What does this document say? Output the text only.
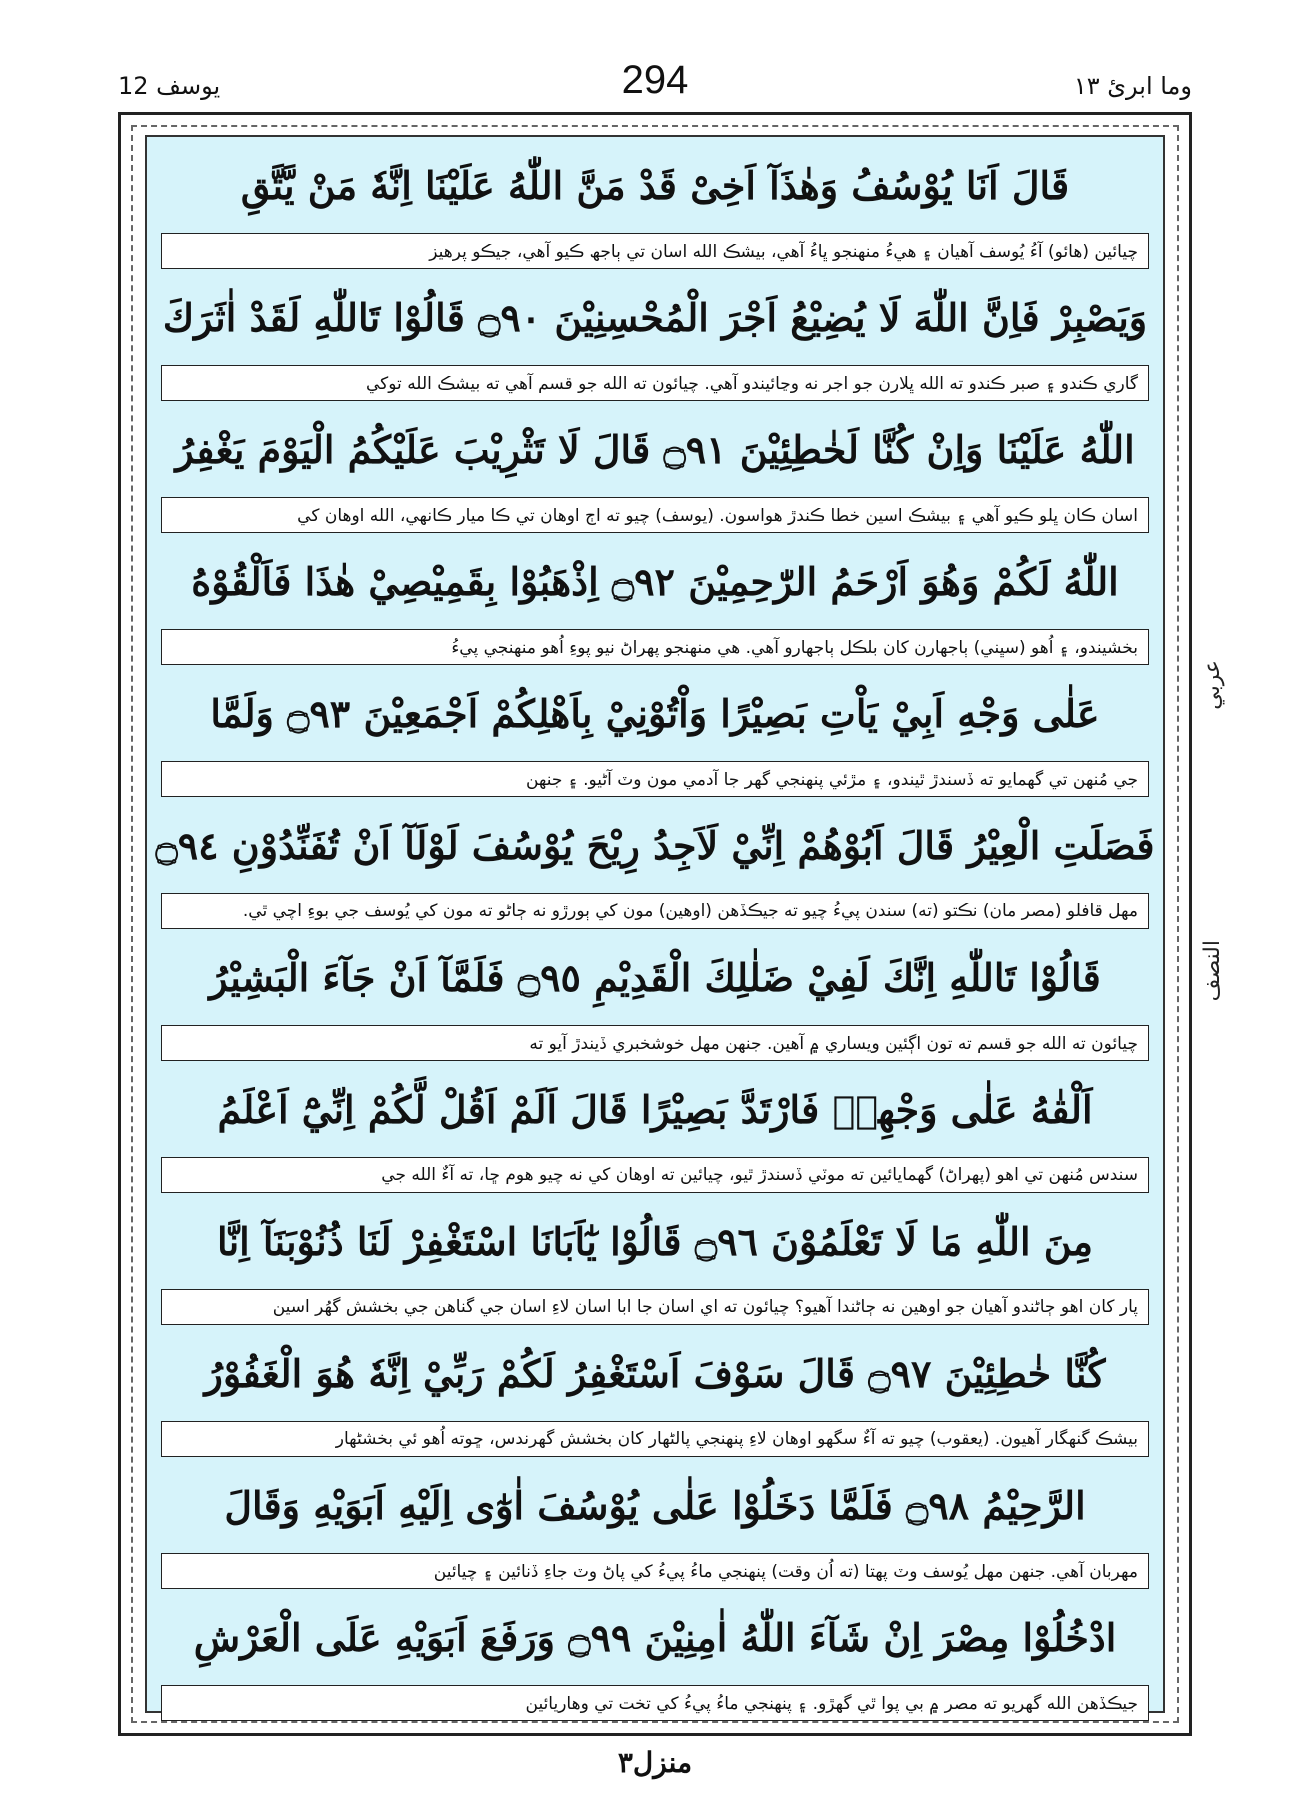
يوسف 12	294	وما ابرئ ١٣
قَالَ اَنَا يُوْسُفُ وَهٰذَآ اَخِیْ قَدْ مَنَّ اللّٰهُ عَلَيْنَا اِنَّهٗ مَنْ يَّتَّقِ
چيائين (هائو) آءُ يُوسف آهيان ۽ هيءُ منهنجو ڀاءُ آهي، بيشڪ الله اسان تي ٻاجھ ڪيو آهي، جيڪو پرهيز
وَيَصْبِرْ فَاِنَّ اللّٰهَ لَا يُضِيْعُ اَجْرَ الْمُحْسِنِيْنَ ۝٩٠ قَالُوْا تَاللّٰهِ لَقَدْ اٰثَرَكَ
گاري ڪندو ۽ صبر ڪندو ته الله ڀلارن جو اجر نه وڃائيندو آهي. چيائون ته الله جو قسم آهي ته بيشڪ الله توکي
اللّٰهُ عَلَيْنَا وَاِنْ كُنَّا لَخٰطِئِيْنَ ۝٩١ قَالَ لَا تَثْرِيْبَ عَلَيْكُمُ الْيَوْمَ يَغْفِرُ
اسان ڪان ڀلو ڪيو آهي ۽ بيشڪ اسين خطا ڪندڙ هواسون. (يوسف) چيو ته اڄ اوهان تي ڪا ميار ڪانهي، الله اوهان کي
اللّٰهُ لَكُمْ وَهُوَ اَرْحَمُ الرّٰحِمِيْنَ ۝٩٢ اِذْهَبُوْا بِقَمِيْصِيْ هٰذَا فَاَلْقُوْهُ
بخشيندو، ۽ اُهو (سڀني) ٻاجھارن کان بلڪل ٻاجھارو آهي. هي منهنجو پهراڻ نيو پوءِ اُهو منهنجي پيءُ
عَلٰى وَجْهِ اَبِيْ يَاْتِ بَصِيْرًا وَاْتُوْنِيْ بِاَهْلِكُمْ اَجْمَعِيْنَ ۝٩٣ وَلَمَّا
جي مُنهن تي گهمايو ته ڏسندڙ ٿيندو، ۽ مڙئي پنهنجي گهر جا آدمي مون وٽ آڻيو. ۽ جنهن
فَصَلَتِ الْعِيْرُ قَالَ اَبُوْهُمْ اِنِّيْ لَاَجِدُ رِيْحَ يُوْسُفَ لَوْلَآ اَنْ تُفَنِّدُوْنِ ۝٩٤
مهل قافلو (مصر مان) نڪتو (ته) سندن پيءُ چيو ته جيڪڏهن (اوهين) مون کي ٻورڙو نه ڄاڻو ته مون کي يُوسف جي بوءِ اچي ٿي.
قَالُوْا تَاللّٰهِ اِنَّكَ لَفِيْ ضَلٰلِكَ الْقَدِيْمِ ۝٩٥ فَلَمَّآ اَنْ جَآءَ الْبَشِيْرُ
چيائون ته الله جو قسم ته تون اڳئين ويساري ۾ آهين. جنهن مهل خوشخبري ڏيندڙ آيو ته
اَلْقٰهُ عَلٰى وَجْهِهٖ فَارْتَدَّ بَصِيْرًا قَالَ اَلَمْ اَقُلْ لَّكُمْ اِنِّيْٓ اَعْلَمُ
سندس مُنهن تي اهو (پهراڻ) گهمايائين ته موٽي ڏسندڙ ٿيو، چيائين ته اوهان کي نه چيو هوم ڇا، ته آءٌ الله جي
مِنَ اللّٰهِ مَا لَا تَعْلَمُوْنَ ۝٩٦ قَالُوْا يٰٓاَبَانَا اسْتَغْفِرْ لَنَا ذُنُوْبَنَآ اِنَّا
پار کان اهو ڄاڻندو آهيان جو اوهين نه ڄاڻندا آهيو؟ چيائون ته اي اسان جا ابا اسان لاءِ اسان جي گناهن جي بخشش گهُر اسين
كُنَّا خٰطِئِيْنَ ۝٩٧ قَالَ سَوْفَ اَسْتَغْفِرُ لَكُمْ رَبِّيْ اِنَّهٗ هُوَ الْغَفُوْرُ
بيشڪ گنهگار آهيون. (يعقوب) چيو ته آءٌ سگهو اوهان لاءِ پنهنجي پالڻهار کان بخشش گهرندس، ڇوته اُهو ئي بخشڻهار
الرَّحِيْمُ ۝٩٨ فَلَمَّا دَخَلُوْا عَلٰى يُوْسُفَ اٰوٰٓى اِلَيْهِ اَبَوَيْهِ وَقَالَ
مهربان آهي. جنهن مهل يُوسف وٽ پهتا (ته اُن وقت) پنهنجي ماءُ پيءُ کي پاڻ وٽ جاءِ ڏنائين ۽ چيائين
ادْخُلُوْا مِصْرَ اِنْ شَآءَ اللّٰهُ اٰمِنِيْنَ ۝٩٩ وَرَفَعَ اَبَوَيْهِ عَلَى الْعَرْشِ
جيڪڏهن الله گهريو ته مصر ۾ بي پوا ٿي گهڙو. ۽ پنهنجي ماءُ پيءُ کي تخت تي وهاريائين
عربي
النصف
منزل٣
